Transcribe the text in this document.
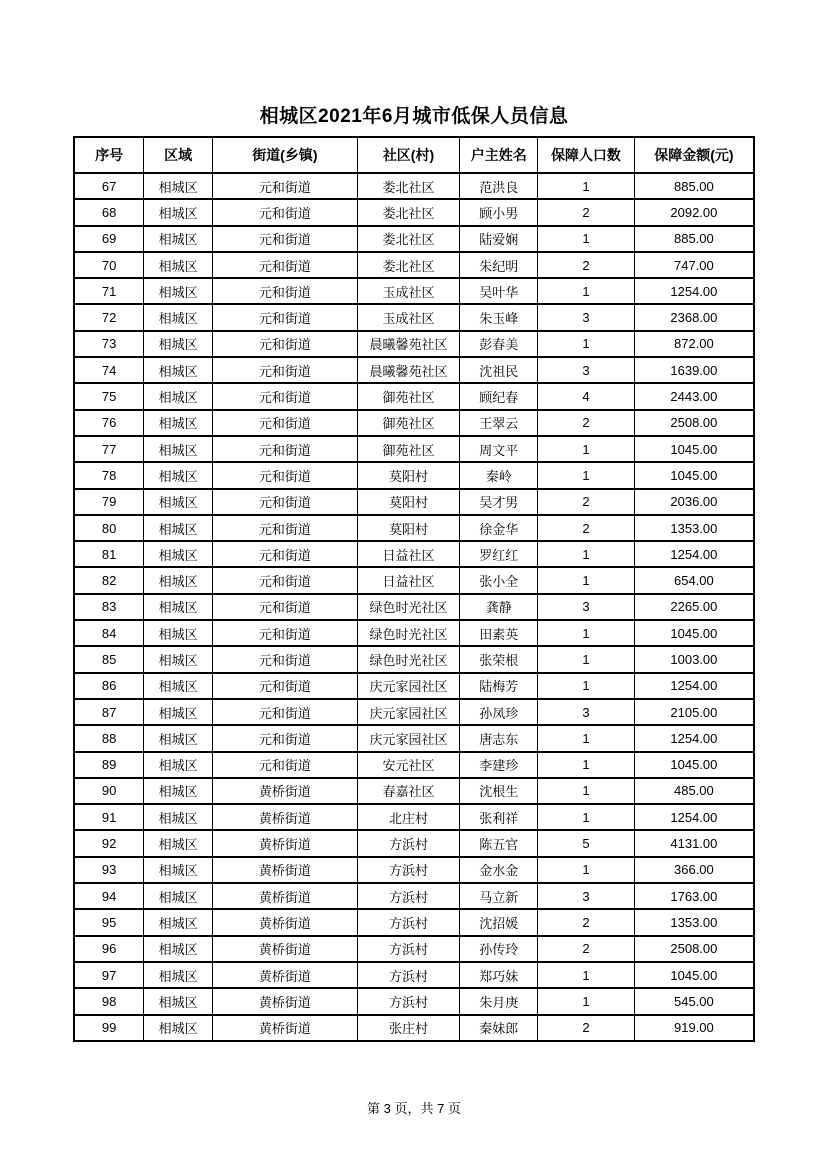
相城区2021年6月城市低保人员信息
序号	区域	街道(乡镇)	社区(村)	户主姓名	保障人口数	保障金额(元)
67	相城区	元和街道	娄北社区	范洪良	1	885.00
68	相城区	元和街道	娄北社区	顾小男	2	2092.00
69	相城区	元和街道	娄北社区	陆爱娴	1	885.00
70	相城区	元和街道	娄北社区	朱纪明	2	747.00
71	相城区	元和街道	玉成社区	吴叶华	1	1254.00
72	相城区	元和街道	玉成社区	朱玉峰	3	2368.00
73	相城区	元和街道	晨曦馨苑社区	彭春美	1	872.00
74	相城区	元和街道	晨曦馨苑社区	沈祖民	3	1639.00
75	相城区	元和街道	御苑社区	顾纪春	4	2443.00
76	相城区	元和街道	御苑社区	王翠云	2	2508.00
77	相城区	元和街道	御苑社区	周文平	1	1045.00
78	相城区	元和街道	莫阳村	秦岭	1	1045.00
79	相城区	元和街道	莫阳村	吴才男	2	2036.00
80	相城区	元和街道	莫阳村	徐金华	2	1353.00
81	相城区	元和街道	日益社区	罗红红	1	1254.00
82	相城区	元和街道	日益社区	张小全	1	654.00
83	相城区	元和街道	绿色时光社区	龚静	3	2265.00
84	相城区	元和街道	绿色时光社区	田素英	1	1045.00
85	相城区	元和街道	绿色时光社区	张荣根	1	1003.00
86	相城区	元和街道	庆元家园社区	陆梅芳	1	1254.00
87	相城区	元和街道	庆元家园社区	孙凤珍	3	2105.00
88	相城区	元和街道	庆元家园社区	唐志东	1	1254.00
89	相城区	元和街道	安元社区	李建珍	1	1045.00
90	相城区	黄桥街道	春嘉社区	沈根生	1	485.00
91	相城区	黄桥街道	北庄村	张利祥	1	1254.00
92	相城区	黄桥街道	方浜村	陈五官	5	4131.00
93	相城区	黄桥街道	方浜村	金水金	1	366.00
94	相城区	黄桥街道	方浜村	马立新	3	1763.00
95	相城区	黄桥街道	方浜村	沈招媛	2	1353.00
96	相城区	黄桥街道	方浜村	孙传玲	2	2508.00
97	相城区	黄桥街道	方浜村	郑巧妹	1	1045.00
98	相城区	黄桥街道	方浜村	朱月庚	1	545.00
99	相城区	黄桥街道	张庄村	秦妹郎	2	919.00
第 3 页，共 7 页
